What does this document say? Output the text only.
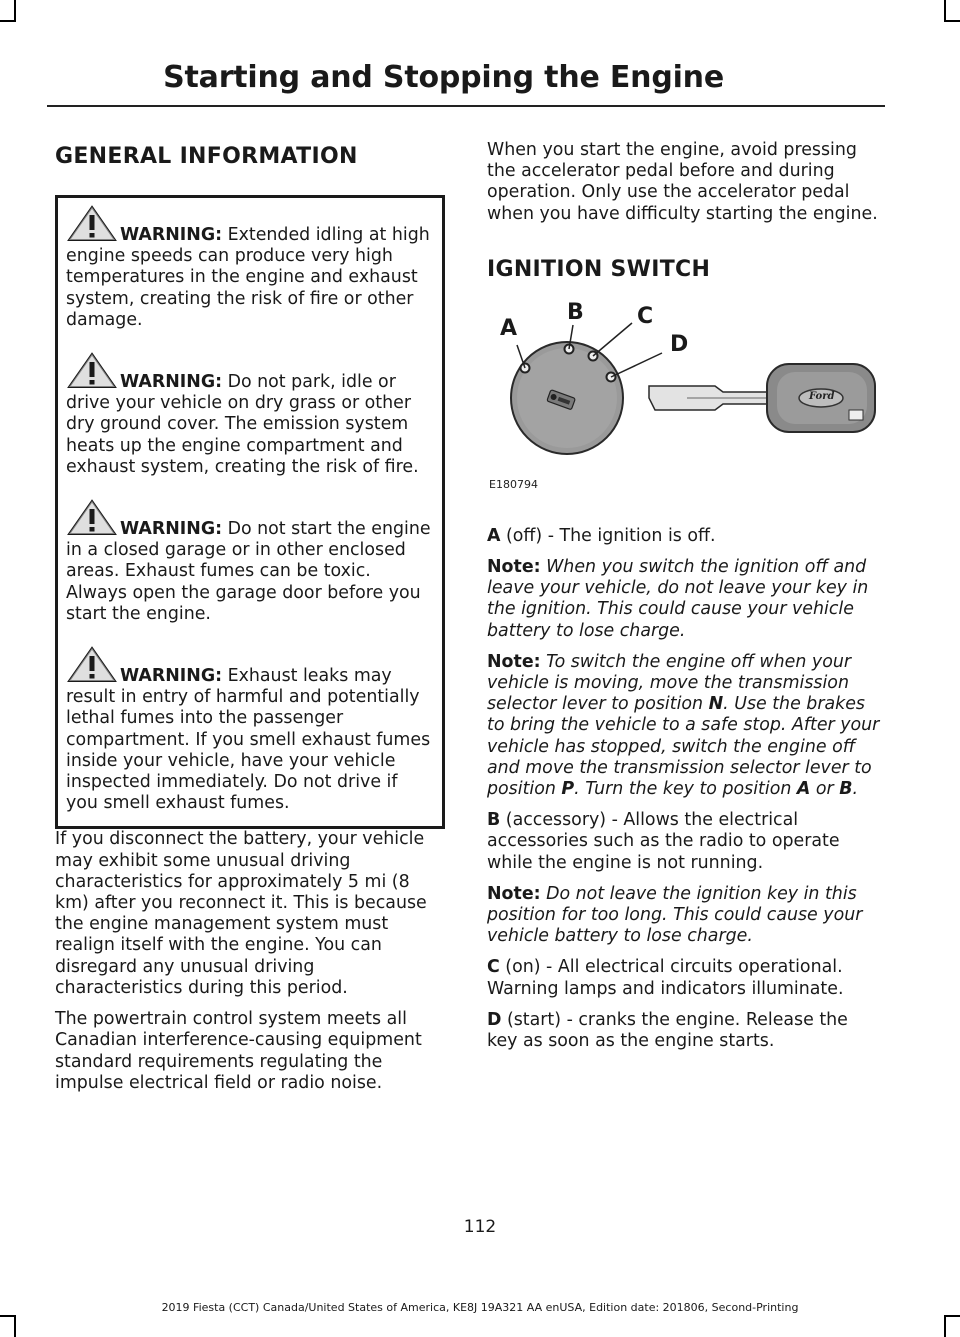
Starting and Stopping the Engine
GENERAL INFORMATION

WARNING: Extended idling at high engine speeds can produce very high temperatures in the engine and exhaust system, creating the risk of fire or other damage.

WARNING: Do not park, idle or drive your vehicle on dry grass or other dry ground cover. The emission system heats up the engine compartment and exhaust system, creating the risk of fire.

WARNING: Do not start the engine in a closed garage or in other enclosed areas. Exhaust fumes can be toxic. Always open the garage door before you start the engine.

WARNING: Exhaust leaks may result in entry of harmful and potentially lethal fumes into the passenger compartment. If you smell exhaust fumes inside your vehicle, have your vehicle inspected immediately. Do not drive if you smell exhaust fumes.

If you disconnect the battery, your vehicle may exhibit some unusual driving characteristics for approximately 5 mi (8 km) after you reconnect it. This is because the engine management system must realign itself with the engine. You can disregard any unusual driving characteristics during this period.

The powertrain control system meets all Canadian interference-causing equipment standard requirements regulating the impulse electrical field or radio noise.

When you start the engine, avoid pressing the accelerator pedal before and during operation. Only use the accelerator pedal when you have difficulty starting the engine.

IGNITION SWITCH
A
B C
D
Ford
E180794

A (off) - The ignition is off.

Note: When you switch the ignition off and leave your vehicle, do not leave your key in the ignition. This could cause your vehicle battery to lose charge.

Note: To switch the engine off when your vehicle is moving, move the transmission selector lever to position N. Use the brakes to bring the vehicle to a safe stop. After your vehicle has stopped, switch the engine off and move the transmission selector lever to position P. Turn the key to position A or B.

B (accessory) - Allows the electrical accessories such as the radio to operate while the engine is not running.

Note: Do not leave the ignition key in this position for too long. This could cause your vehicle battery to lose charge.

C (on) - All electrical circuits operational. Warning lamps and indicators illuminate.

D (start) - cranks the engine. Release the key as soon as the engine starts.

112
2019 Fiesta (CCT) Canada/United States of America, KE8J 19A321 AA enUSA, Edition date: 201806, Second-Printing
